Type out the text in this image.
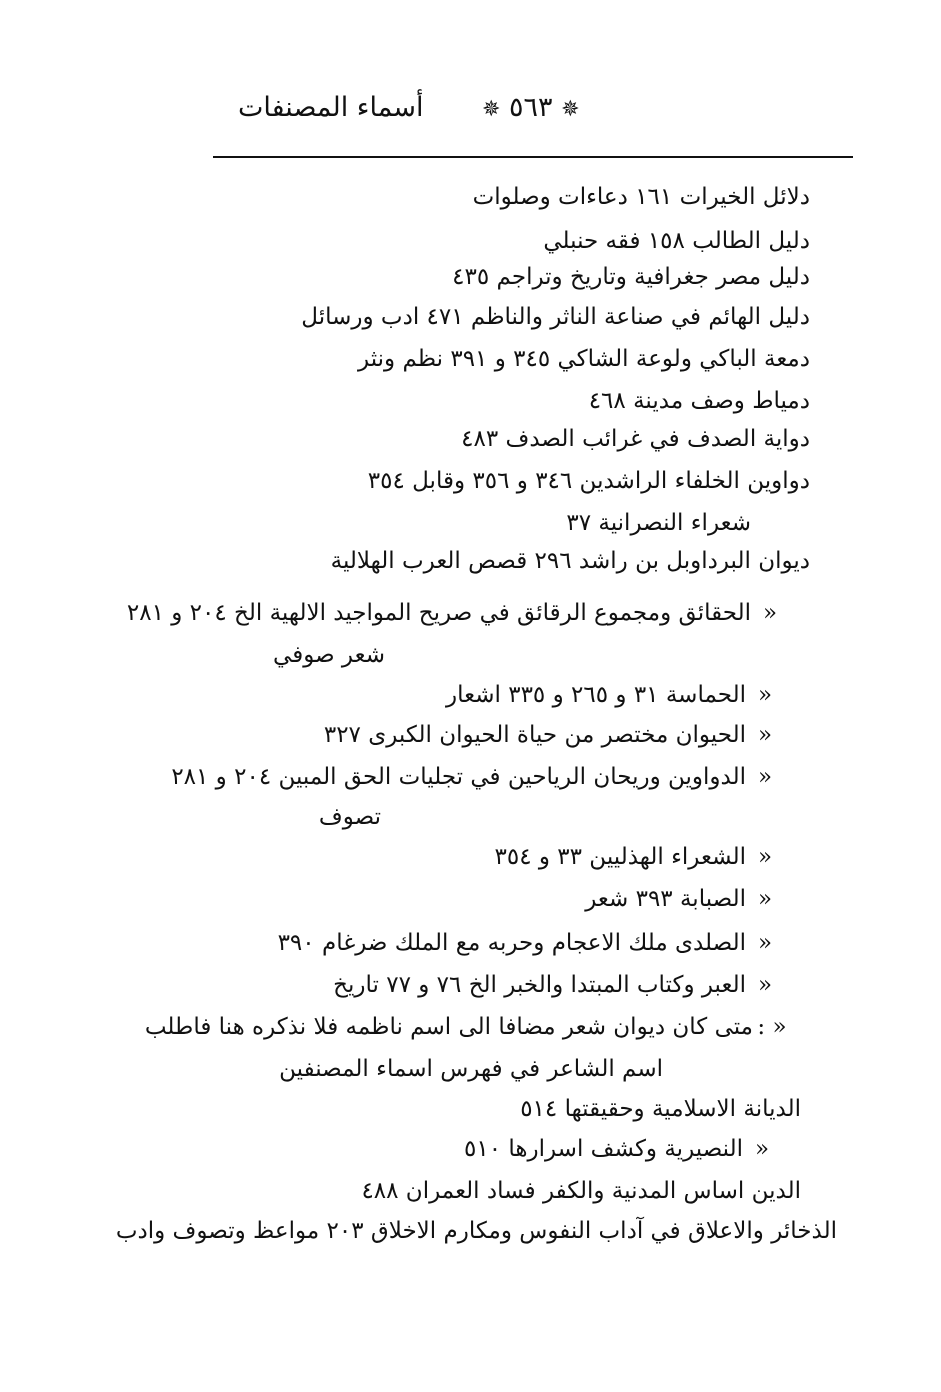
أسماء المصنفات	✵ ٥٦٣ ✵
دلائل الخيرات ١٦١ دعاءات وصلوات
دليل الطالب ١٥٨ فقه حنبلي
دليل مصر جغرافية وتاريخ وتراجم ٤٣٥
دليل الهائم في صناعة الناثر والناظم ٤٧١ ادب ورسائل
دمعة الباكي ولوعة الشاكي ٣٤٥ و ٣٩١ نظم ونثر
دمياط وصف مدينة ٤٦٨
دواية الصدف في غرائب الصدف ٤٨٣
دواوين الخلفاء الراشدين ٣٤٦ و ٣٥٦ وقابل ٣٥٤
شعراء النصرانية ٣٧
ديوان البرداوبل بن راشد ٢٩٦ قصص العرب الهلالية
«الحقائق ومجموع الرقائق في صريح المواجيد الالهية الخ ٢٠٤ و ٢٨١
شعر صوفي
«الحماسة ٣١ و ٢٦٥ و ٣٣٥ اشعار
«الحيوان مختصر من حياة الحيوان الكبرى ٣٢٧
«الدواوين وريحان الرياحين في تجليات الحق المبين ٢٠٤ و ٢٨١
تصوف
«الشعراء الهذليين ٣٣ و ٣٥٤
«الصبابة ٣٩٣ شعر
«الصلدى ملك الاعجام وحربه مع الملك ضرغام ٣٩٠
«العبر وكتاب المبتدا والخبر الخ ٧٦ و ٧٧ تاريخ
« :متى كان ديوان شعر مضافا الى اسم ناظمه فلا نذكره هنا فاطلب
اسم الشاعر في فهرس اسماء المصنفين
الديانة الاسلامية وحقيقتها ٥١٤
«النصيرية وكشف اسرارها ٥١٠
الدين اساس المدنية والكفر فساد العمران ٤٨٨
الذخائر والاعلاق في آداب النفوس ومكارم الاخلاق ٢٠٣ مواعظ وتصوف وادب
